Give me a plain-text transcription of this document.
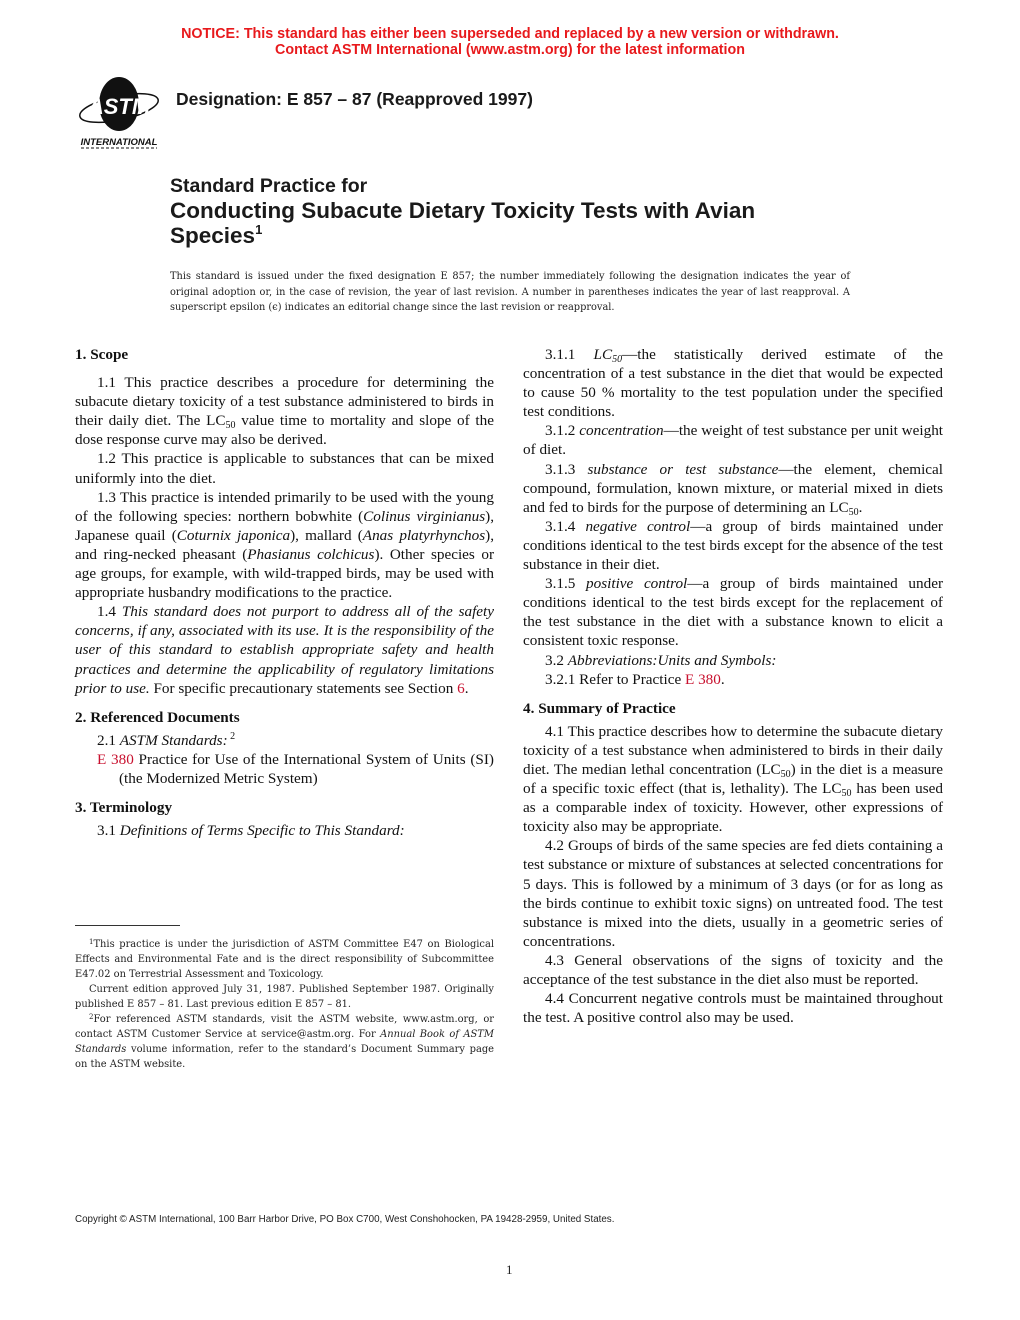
NOTICE: This standard has either been superseded and replaced by a new version or withdrawn.
Contact ASTM International (www.astm.org) for the latest information
ASTM
INTERNATIONAL
Designation: E 857 – 87 (Reapproved 1997)
Standard Practice for
Conducting Subacute Dietary Toxicity Tests with Avian
Species$^1$
This standard is issued under the fixed designation E 857; the number immediately following the designation indicates the year of original adoption or, in the case of revision, the year of last revision. A number in parentheses indicates the year of last reapproval. A superscript epsilon (ϵ) indicates an editorial change since the last revision or reapproval.
1. Scope

1.1 This practice describes a procedure for determining the subacute dietary toxicity of a test substance administered to birds in their daily diet. The $LC_{50}$ value time to mortality and slope of the dose response curve may also be derived.

1.2 This practice is applicable to substances that can be mixed uniformly into the diet.

1.3 This practice is intended primarily to be used with the young of the following species: northern bobwhite (Colinus virginianus), Japanese quail (Coturnix japonica), mallard (Anas platyrhynchos), and ring-necked pheasant (Phasianus colchicus). Other species or age groups, for example, with wild-trapped birds, may be used with appropriate husbandry modifications to the practice.

1.4 This standard does not purport to address all of the safety concerns, if any, associated with its use. It is the responsibility of the user of this standard to establish appropriate safety and health practices and determine the applicability of regulatory limitations prior to use. For specific precautionary statements see Section 6.

2. Referenced Documents

2.1 ASTM Standards: $^2$

E 380 Practice for Use of the International System of Units (SI) (the Modernized Metric System)

3. Terminology

3.1 Definitions of Terms Specific to This Standard:

3.1.1 $LC_{50}—the$ statistically derived estimate of the concentration of a test substance in the diet that would be expected to cause 50 % mortality to the test population under the specified test conditions.

3.1.2 concentration—the weight of test substance per unit weight of diet.

3.1.3 substance or test substance—the element, chemical compound, formulation, known mixture, or material mixed in diets and fed to birds for the purpose of determining an $LC_{50}$.

3.1.4 negative control—a group of birds maintained under conditions identical to the test birds except for the absence of the test substance in their diet.

3.1.5 positive control—a group of birds maintained under conditions identical to the test birds except for the replacement of the test substance in the diet with a substance known to elicit a consistent toxic response.

3.2 Abbreviations:Units and Symbols:

3.2.1 Refer to Practice E 380.

4. Summary of Practice

4.1 This practice describes how to determine the subacute dietary toxicity of a test substance when administered to birds in their daily diet. The median lethal concentration $(LC_{50})$ in the diet is a measure of a specific toxic effect (that is, lethality). The $LC_{50}$ has been used as a comparable index of toxicity. However, other expressions of toxicity also may be appropriate.

4.2 Groups of birds of the same species are fed diets containing a test substance or mixture of substances at selected concentrations for 5 days. This is followed by a minimum of 3 days (or for as long as the birds continue to exhibit toxic signs) on untreated food. The test substance is mixed into the diets, usually in a geometric series of concentrations.

4.3 General observations of the signs of toxicity and the acceptance of the test substance in the diet also must be reported.

4.4 Concurrent negative controls must be maintained throughout the test. A positive control also may be used.

$^1$This practice is under the jurisdiction of ASTM Committee E47 on Biological Effects and Environmental Fate and is the direct responsibility of Subcommittee E47.02 on Terrestrial Assessment and Toxicology.

Current edition approved July 31, 1987. Published September 1987. Originally published E 857 – 81. Last previous edition E 857 – 81.

$^2$For referenced ASTM standards, visit the ASTM website, www.astm.org, or contact ASTM Customer Service at service@astm.org. For Annual Book of ASTM Standards volume information, refer to the standard’s Document Summary page on the ASTM website.

Copyright © ASTM International, 100 Barr Harbor Drive, PO Box C700, West Conshohocken, PA 19428-2959, United States.
1
